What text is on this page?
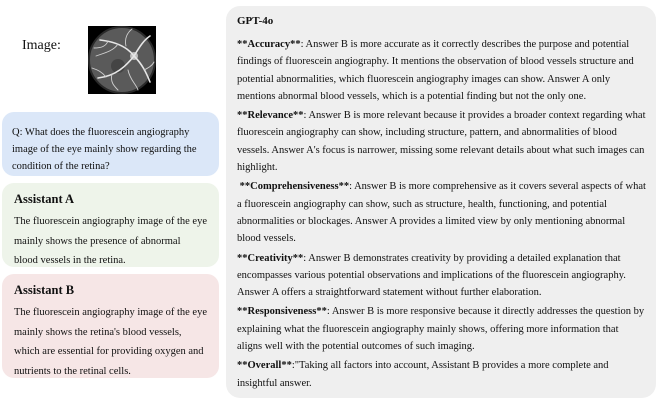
Image:
Q: What does the fluorescein angiography image of the eye mainly show regarding the condition of the retina?
Assistant A
The fluorescein angiography image of the eye mainly shows the presence of abnormal blood vessels in the retina.
Assistant B
The fluorescein angiography image of the eye mainly shows the retina's blood vessels, which are essential for providing oxygen and nutrients to the retinal cells.
GPT-4o

**Accuracy**: Answer B is more accurate as it correctly describes the purpose and potential findings of fluorescein angiography. It mentions the observation of blood vessels structure and potential abnormalities, which fluorescein angiography images can show. Answer A only mentions abnormal blood vessels, which is a potential finding but not the only one.

**Relevance**: Answer B is more relevant because it provides a broader context regarding what fluorescein angiography can show, including structure, pattern, and abnormalities of blood vessels. Answer A's focus is narrower, missing some relevant details about what such images can highlight.

**Comprehensiveness**: Answer B is more comprehensive as it covers several aspects of what a fluorescein angiography can show, such as structure, health, functioning, and potential abnormalities or blockages. Answer A provides a limited view by only mentioning abnormal blood vessels.

**Creativity**: Answer B demonstrates creativity by providing a detailed explanation that encompasses various potential observations and implications of the fluorescein angiography. Answer A offers a straightforward statement without further elaboration.

**Responsiveness**: Answer B is more responsive because it directly addresses the question by explaining what the fluorescein angiography mainly shows, offering more information that aligns well with the potential outcomes of such imaging.

**Overall**:"Taking all factors into account, Assistant B provides a more complete and insightful answer.
